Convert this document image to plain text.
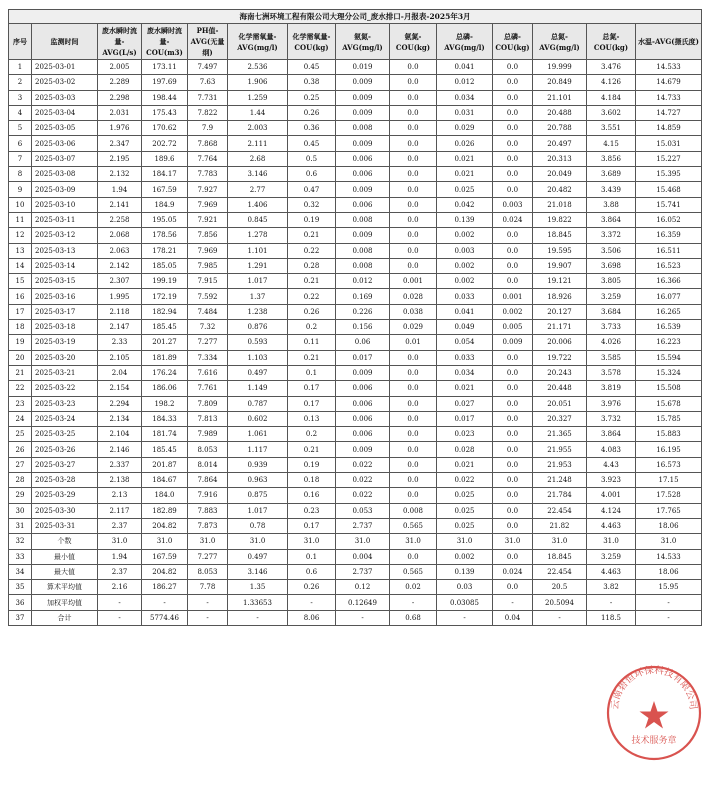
海南七洲环境工程有限公司大理分公司_废水排口-月报表-2025年3月													
序号	监测时间	废水瞬时流量-AVG(L/s)	废水瞬时流量-COU(m3)	PH值-AVG(无量纲)	化学需氧量-AVG(mg/l)	化学需氧量-COU(kg)	氨氮-AVG(mg/l)	氨氮-COU(kg)	总磷-AVG(mg/l)	总磷-COU(kg)	总氮-AVG(mg/l)	总氮-COU(kg)	水温-AVG(摄氏度)
1	2025-03-01	2.005	173.11	7.497	2.536	0.45	0.019	0.0	0.041	0.0	19.999	3.476	14.533
2	2025-03-02	2.289	197.69	7.63	1.906	0.38	0.009	0.0	0.012	0.0	20.849	4.126	14.679
3	2025-03-03	2.298	198.44	7.731	1.259	0.25	0.009	0.0	0.034	0.0	21.101	4.184	14.733
4	2025-03-04	2.031	175.43	7.822	1.44	0.26	0.009	0.0	0.031	0.0	20.488	3.602	14.727
5	2025-03-05	1.976	170.62	7.9	2.003	0.36	0.008	0.0	0.029	0.0	20.788	3.551	14.859
6	2025-03-06	2.347	202.72	7.868	2.111	0.45	0.009	0.0	0.026	0.0	20.497	4.15	15.031
7	2025-03-07	2.195	189.6	7.764	2.68	0.5	0.006	0.0	0.021	0.0	20.313	3.856	15.227
8	2025-03-08	2.132	184.17	7.783	3.146	0.6	0.006	0.0	0.021	0.0	20.049	3.689	15.395
9	2025-03-09	1.94	167.59	7.927	2.77	0.47	0.009	0.0	0.025	0.0	20.482	3.439	15.468
10	2025-03-10	2.141	184.9	7.969	1.406	0.32	0.006	0.0	0.042	0.003	21.018	3.88	15.741
11	2025-03-11	2.258	195.05	7.921	0.845	0.19	0.008	0.0	0.139	0.024	19.822	3.864	16.052
12	2025-03-12	2.068	178.56	7.856	1.278	0.21	0.009	0.0	0.002	0.0	18.845	3.372	16.359
13	2025-03-13	2.063	178.21	7.969	1.101	0.22	0.008	0.0	0.003	0.0	19.595	3.506	16.511
14	2025-03-14	2.142	185.05	7.985	1.291	0.28	0.008	0.0	0.002	0.0	19.907	3.698	16.523
15	2025-03-15	2.307	199.19	7.915	1.017	0.21	0.012	0.001	0.002	0.0	19.121	3.805	16.366
16	2025-03-16	1.995	172.19	7.592	1.37	0.22	0.169	0.028	0.033	0.001	18.926	3.259	16.077
17	2025-03-17	2.118	182.94	7.484	1.238	0.26	0.226	0.038	0.041	0.002	20.127	3.684	16.265
18	2025-03-18	2.147	185.45	7.32	0.876	0.2	0.156	0.029	0.049	0.005	21.171	3.733	16.539
19	2025-03-19	2.33	201.27	7.277	0.593	0.11	0.06	0.01	0.054	0.009	20.006	4.026	16.223
20	2025-03-20	2.105	181.89	7.334	1.103	0.21	0.017	0.0	0.033	0.0	19.722	3.585	15.594
21	2025-03-21	2.04	176.24	7.616	0.497	0.1	0.009	0.0	0.034	0.0	20.243	3.578	15.324
22	2025-03-22	2.154	186.06	7.761	1.149	0.17	0.006	0.0	0.021	0.0	20.448	3.819	15.508
23	2025-03-23	2.294	198.2	7.809	0.787	0.17	0.006	0.0	0.027	0.0	20.051	3.976	15.678
24	2025-03-24	2.134	184.33	7.813	0.602	0.13	0.006	0.0	0.017	0.0	20.327	3.732	15.785
25	2025-03-25	2.104	181.74	7.989	1.061	0.2	0.006	0.0	0.023	0.0	21.365	3.864	15.883
26	2025-03-26	2.146	185.45	8.053	1.117	0.21	0.009	0.0	0.028	0.0	21.955	4.083	16.195
27	2025-03-27	2.337	201.87	8.014	0.939	0.19	0.022	0.0	0.021	0.0	21.953	4.43	16.573
28	2025-03-28	2.138	184.67	7.864	0.963	0.18	0.022	0.0	0.022	0.0	21.248	3.923	17.15
29	2025-03-29	2.13	184.0	7.916	0.875	0.16	0.022	0.0	0.025	0.0	21.784	4.001	17.528
30	2025-03-30	2.117	182.89	7.883	1.017	0.23	0.053	0.008	0.025	0.0	22.454	4.124	17.765
31	2025-03-31	2.37	204.82	7.873	0.78	0.17	2.737	0.565	0.025	0.0	21.82	4.463	18.06
32	个数	31.0	31.0	31.0	31.0	31.0	31.0	31.0	31.0	31.0	31.0	31.0	31.0
33	最小值	1.94	167.59	7.277	0.497	0.1	0.004	0.0	0.002	0.0	18.845	3.259	14.533
34	最大值	2.37	204.82	8.053	3.146	0.6	2.737	0.565	0.139	0.024	22.454	4.463	18.06
35	算术平均值	2.16	186.27	7.78	1.35	0.26	0.12	0.02	0.03	0.0	20.5	3.82	15.95
36	加权平均值	-	-	-	1.33653	-	0.12649	-	0.03085	-	20.5094	-	-
37	合计	-	5774.46	-	-	8.06	-	0.68	-	0.04	-	118.5	-
云南碧恒环保科技有限公司
技术服务章
